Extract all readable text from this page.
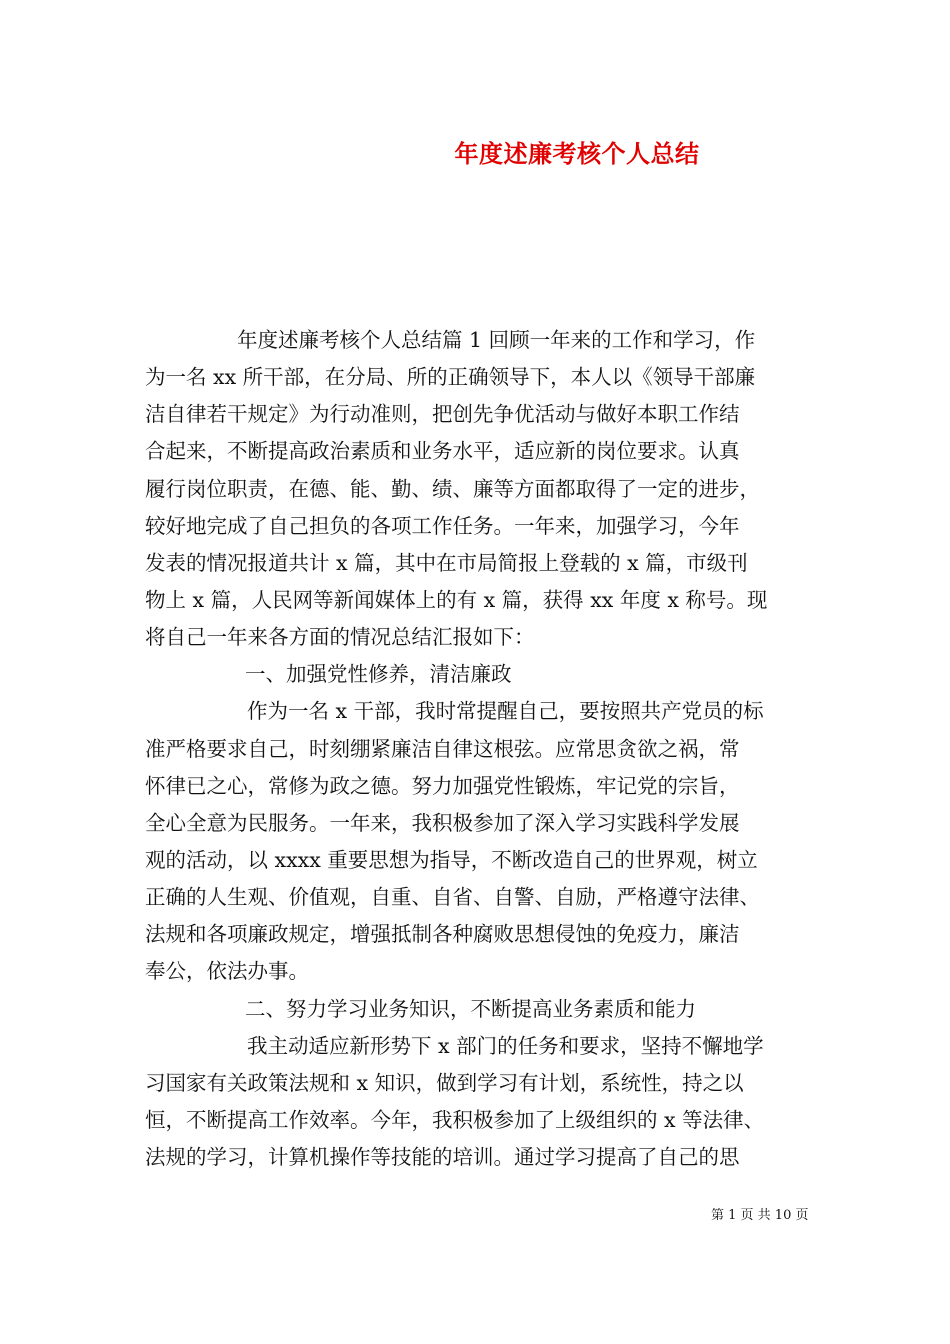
年度述廉考核个人总结
年度述廉考核个人总结篇 1 回顾一年来的工作和学习，作
为一名 xx 所干部，在分局、所的正确领导下，本人以《领导干部廉
洁自律若干规定》为行动准则，把创先争优活动与做好本职工作结
合起来，不断提高政治素质和业务水平，适应新的岗位要求。认真
履行岗位职责，在德、能、勤、绩、廉等方面都取得了一定的进步，
较好地完成了自己担负的各项工作任务。一年来，加强学习，今年
发表的情况报道共计 x 篇，其中在市局简报上登载的 x 篇，市级刊
物上 x 篇，人民网等新闻媒体上的有 x 篇，获得 xx 年度 x 称号。现
将自己一年来各方面的情况总结汇报如下：
一、加强党性修养，清洁廉政
作为一名 x 干部，我时常提醒自己，要按照共产党员的标
准严格要求自己，时刻绷紧廉洁自律这根弦。应常思贪欲之祸，常
怀律已之心，常修为政之德。努力加强党性锻炼，牢记党的宗旨，
全心全意为民服务。一年来，我积极参加了深入学习实践科学发展
观的活动，以 xxxx 重要思想为指导，不断改造自己的世界观，树立
正确的人生观、价值观，自重、自省、自警、自励，严格遵守法律、
法规和各项廉政规定，增强抵制各种腐败思想侵蚀的免疫力，廉洁
奉公，依法办事。
二、努力学习业务知识，不断提高业务素质和能力
我主动适应新形势下 x 部门的任务和要求，坚持不懈地学
习国家有关政策法规和 x 知识，做到学习有计划，系统性，持之以
恒，不断提高工作效率。今年，我积极参加了上级组织的 x 等法律、
法规的学习，计算机操作等技能的培训。通过学习提高了自己的思
第 1 页 共 10 页
